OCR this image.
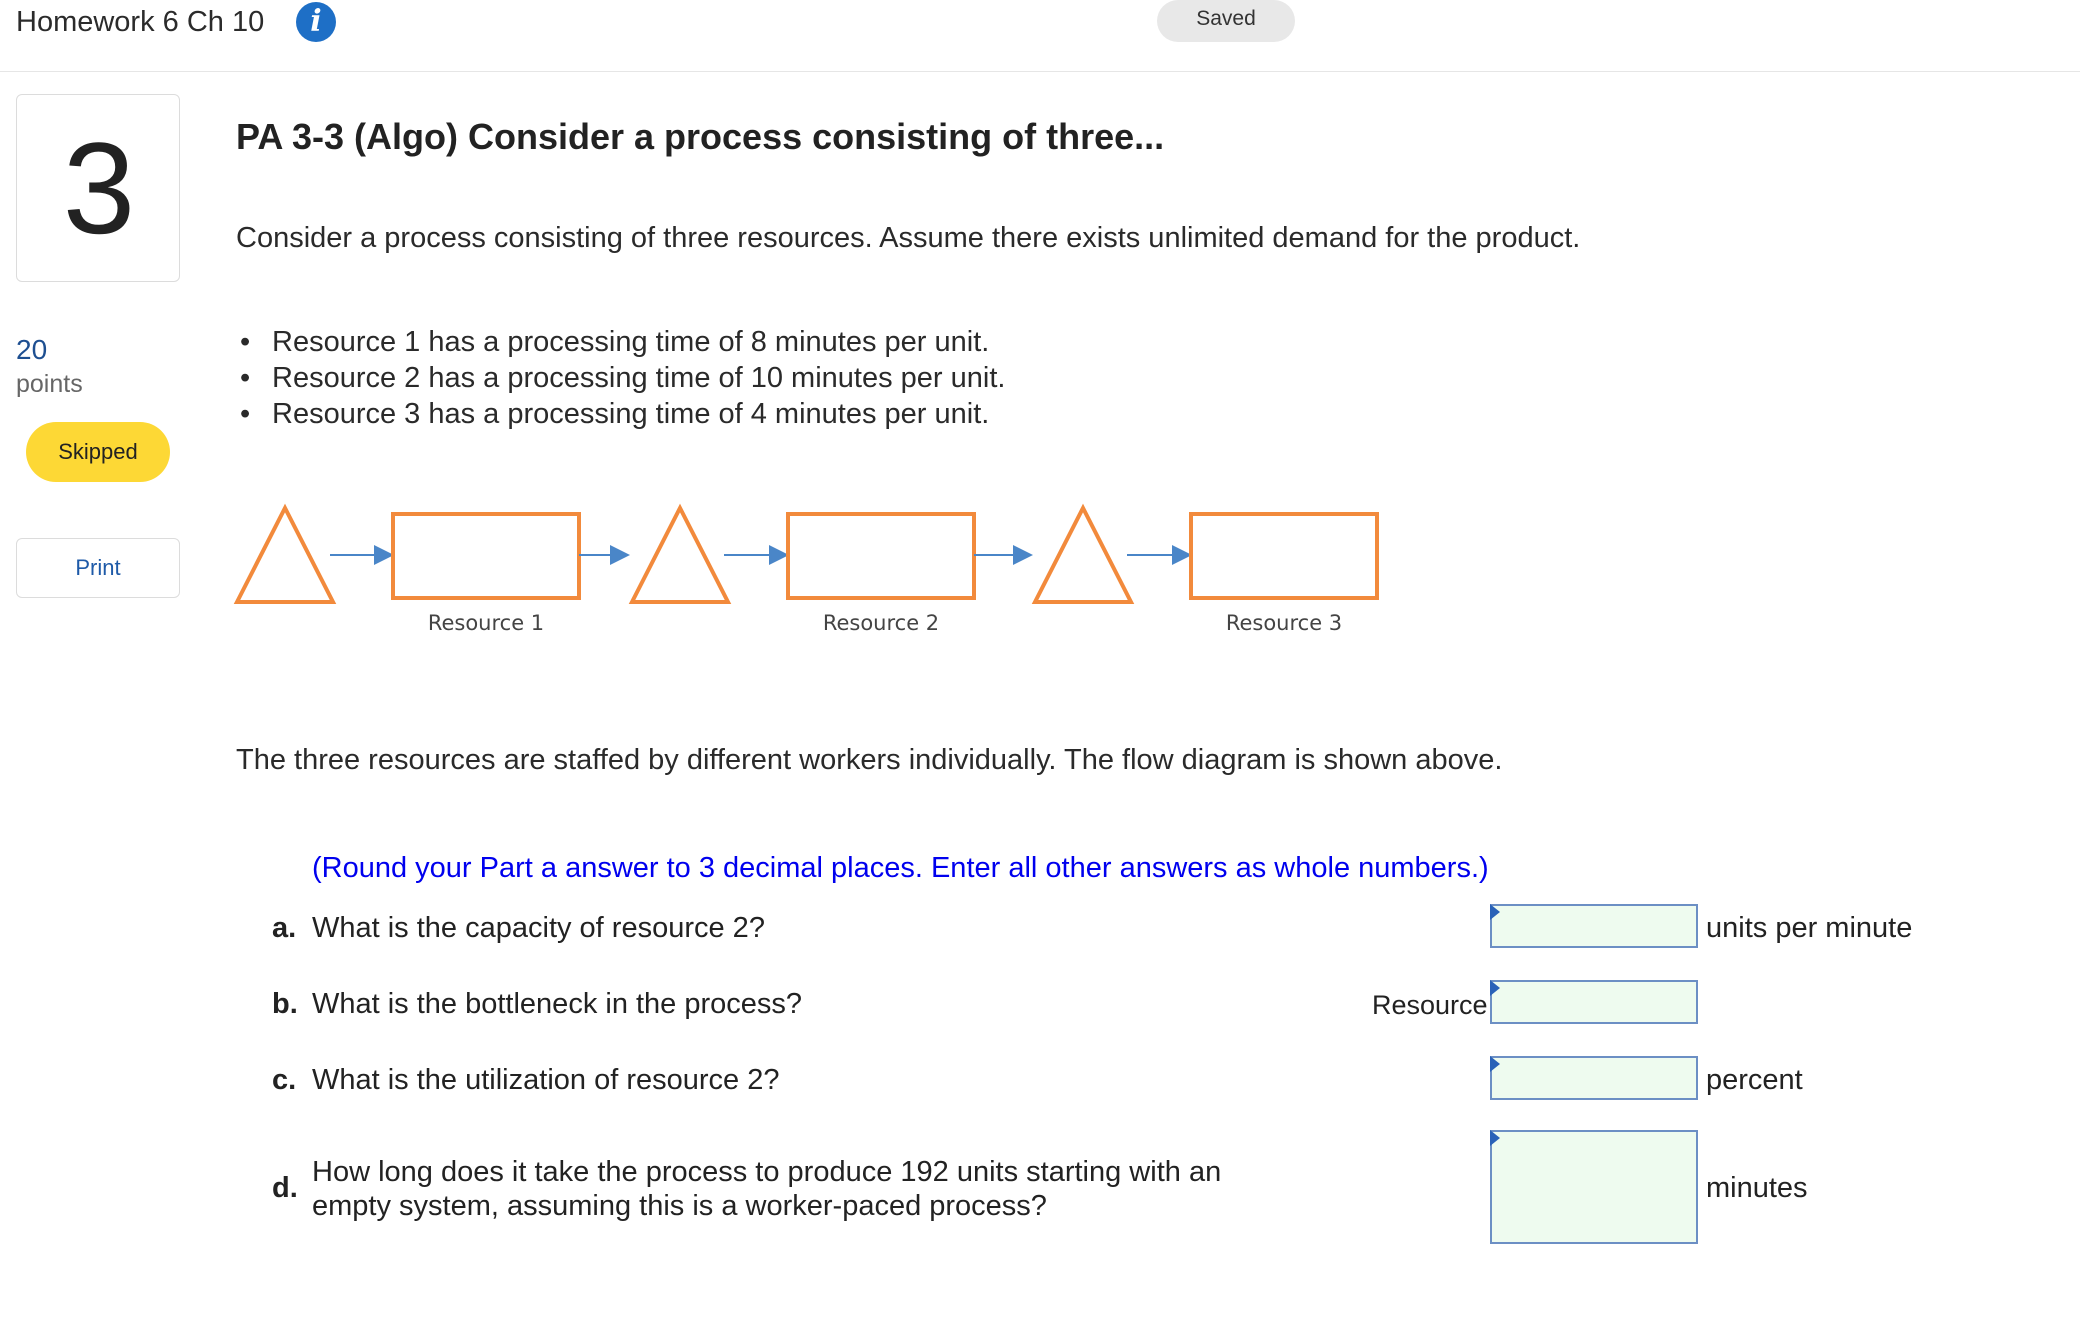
Homework 6 Ch 10	i	Saved
3
20
points
Skipped
Print
PA 3-3 (Algo) Consider a process consisting of three...
Consider a process consisting of three resources. Assume there exists unlimited demand for the product.
• Resource 1 has a processing time of 8 minutes per unit.
• Resource 2 has a processing time of 10 minutes per unit.
• Resource 3 has a processing time of 4 minutes per unit.
Resource 1	Resource 2	Resource 3
The three resources are staffed by different workers individually. The flow diagram is shown above.
(Round your Part a answer to 3 decimal places. Enter all other answers as whole numbers.)
a. What is the capacity of resource 2?	units per minute
b. What is the bottleneck in the process?	Resource
c. What is the utilization of resource 2?	percent
d. How long does it take the process to produce 192 units starting with an
empty system, assuming this is a worker-paced process?
minutes
